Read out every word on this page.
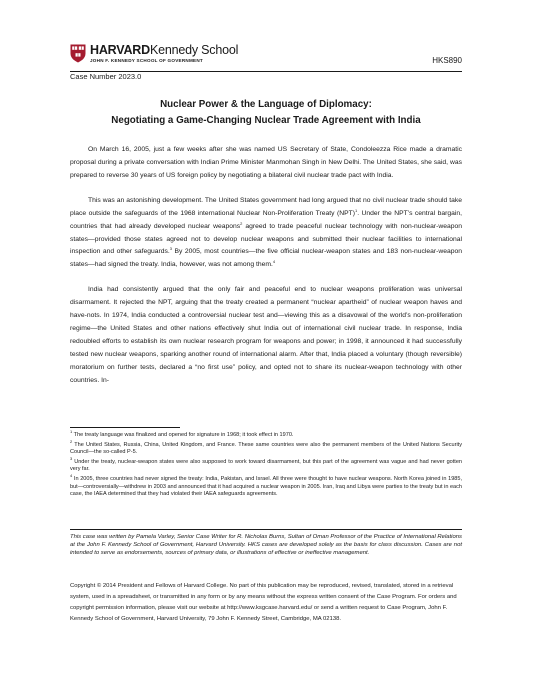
HARVARDKennedy School
JOHN F. KENNEDY SCHOOL OF GOVERNMENT	HKS890
Case Number 2023.0
Nuclear Power & the Language of Diplomacy:
Negotiating a Game-Changing Nuclear Trade Agreement with India

On March 16, 2005, just a few weeks after she was named US Secretary of State, Condoleezza Rice made a dramatic proposal during a private conversation with Indian Prime Minister Manmohan Singh in New Delhi. The United States, she said, was prepared to reverse 30 years of US foreign policy by negotiating a bilateral civil nuclear trade pact with India.

This was an astonishing development. The United States government had long argued that no civil nuclear trade should take place outside the safeguards of the 1968 international Nuclear Non-Proliferation Treaty (NPT)$^1$. Under the NPT’s central bargain, countries that had already developed nuclear weapons$^2$ agreed to trade peaceful nuclear technology with non-nuclear-weapon states—provided those states agreed not to develop nuclear weapons and submitted their nuclear facilities to international inspection and other safeguards.$^3$ By 2005, most countries—the five official nuclear-weapon states and 183 non-nuclear-weapon states—had signed the treaty. India, however, was not among them.$^4$

India had consistently argued that the only fair and peaceful end to nuclear weapons proliferation was universal disarmament. It rejected the NPT, arguing that the treaty created a permanent “nuclear apartheid” of nuclear weapon haves and have-nots. In 1974, India conducted a controversial nuclear test and—viewing this as a disavowal of the world’s non-proliferation regime—the United States and other nations effectively shut India out of international civil nuclear trade. In response, India redoubled efforts to establish its own nuclear research program for weapons and power; in 1998, it announced it had successfully tested new nuclear weapons, sparking another round of international alarm. After that, India placed a voluntary (though reversible) moratorium on further tests, declared a “no first use” policy, and opted not to share its nuclear-weapon technology with other countries. In-

$^1$ The treaty language was finalized and opened for signature in 1968; it took effect in 1970.

$^2$ The United States, Russia, China, United Kingdom, and France. These same countries were also the permanent members of the United Nations Security Council—the so-called P-5.

$^3$ Under the treaty, nuclear-weapon states were also supposed to work toward disarmament, but this part of the agreement was vague and had never gotten very far.

$^4$ In 2005, three countries had never signed the treaty: India, Pakistan, and Israel. All three were thought to have nuclear weapons. North Korea joined in 1985, but—controversially—withdrew in 2003 and announced that it had acquired a nuclear weapon in 2005. Iran, Iraq and Libya were parties to the treaty but in each case, the IAEA determined that they had violated their IAEA safeguards agreements.

This case was written by Pamela Varley, Senior Case Writer for R. Nicholas Burns, Sultan of Oman Professor of the Practice of International Relations at the John F. Kennedy School of Government, Harvard University. HKS cases are developed solely as the basis for class discussion. Cases are not intended to serve as endorsements, sources of primary data, or illustrations of effective or ineffective management.
Copyright © 2014 President and Fellows of Harvard College. No part of this publication may be reproduced, revised, translated, stored in a retrieval system, used in a spreadsheet, or transmitted in any form or by any means without the express written consent of the Case Program. For orders and copyright permission information, please visit our website at http://www.ksgcase.harvard.edu/ or send a written request to Case Program, John F. Kennedy School of Government, Harvard University, 79 John F. Kennedy Street, Cambridge, MA 02138.
